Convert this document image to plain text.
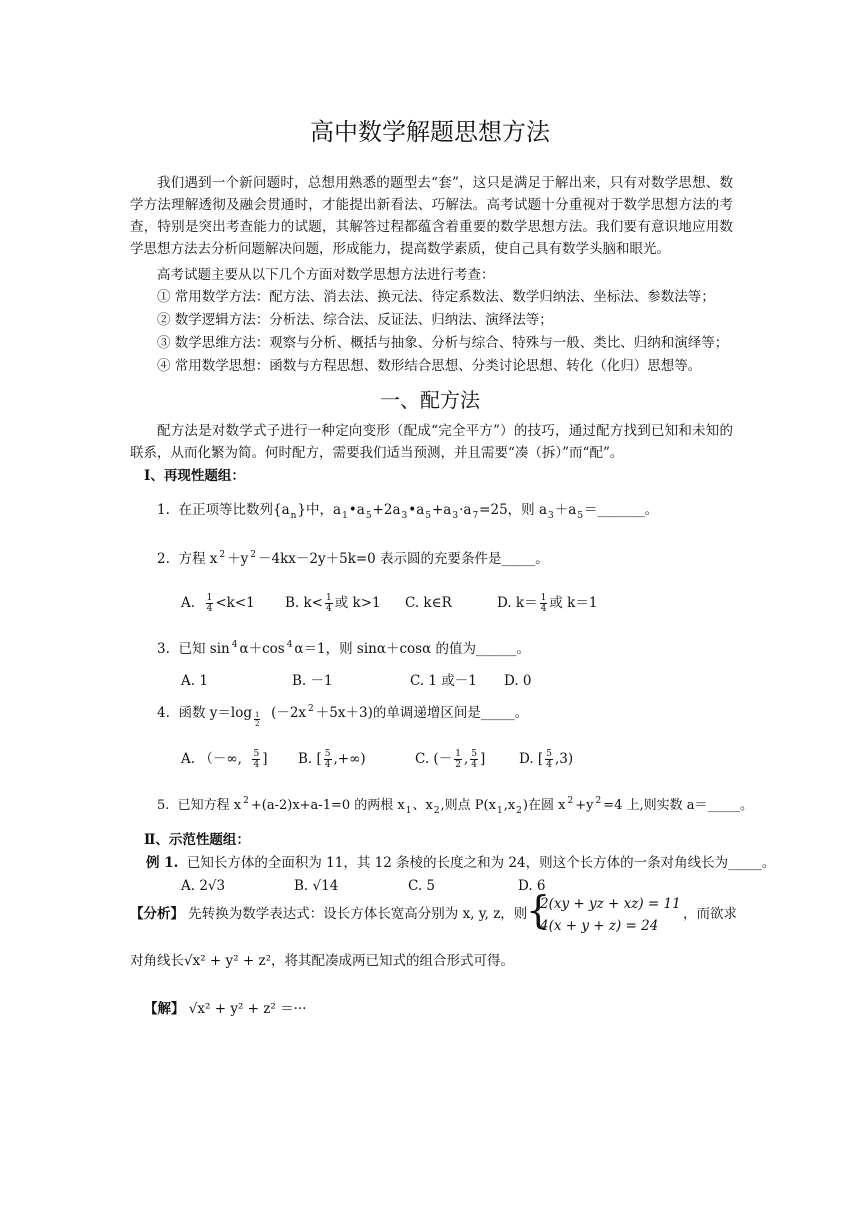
高中数学解题思想方法
我们遇到一个新问题时，总想用熟悉的题型去“套”，这只是满足于解出来，只有对数学思想、数学方法理解透彻及融会贯通时，才能提出新看法、巧解法。高考试题十分重视对于数学思想方法的考查，特别是突出考查能力的试题，其解答过程都蕴含着重要的数学思想方法。我们要有意识地应用数学思想方法去分析问题解决问题，形成能力，提高数学素质，使自己具有数学头脑和眼光。
高考试题主要从以下几个方面对数学思想方法进行考查：
① 常用数学方法：配方法、消去法、换元法、待定系数法、数学归纳法、坐标法、参数法等；
② 数学逻辑方法：分析法、综合法、反证法、归纳法、演绎法等；
③ 数学思维方法：观察与分析、概括与抽象、分析与综合、特殊与一般、类比、归纳和演绎等；
④ 常用数学思想：函数与方程思想、数形结合思想、分类讨论思想、转化（化归）思想等。
一、配方法
配方法是对数学式子进行一种定向变形（配成“完全平方”）的技巧，通过配方找到已知和未知的联系，从而化繁为简。何时配方，需要我们适当预测，并且需要“凑（拆）”而“配”。
Ⅰ、再现性题组：
1. 在正项等比数列$\{a_n\}$中，$a_1•a_5+2a_3•a_5+a_3\cdot a_7=25$，则 $a_3+a_5=\_\_\_\_\_\_\_$。
2. 方程 x $^2$ ＋y $^2$ －4kx－2y＋5k=0 表示圆的充要条件是_____。
A. $\frac{1}{4} <k<1$ B. $k< \frac{1}{4}$ 或 k>1 C. k∈R	D. $k= \frac{1}{4}$ 或 k＝1
3. 已知 sin $^4$ α＋cos $^4$ α＝1，则 sinα＋cosα 的值为______。
A. 1	B. －1	C. 1 或－1 D. 0
4. 函数 $y=\log \frac{1}{2} (-2x$ $^2$ ＋5x＋3)的单调递增区间是_____。
A. （－∞, $\frac{5}{4}$ ] B. [ $\frac{5}{4}$ ,+∞)	C. (－ $\frac{1}{2}$ , $\frac{5}{4}$ ]	D. [ $\frac{5}{4} ,3$)
5. 已知方程 x $^2$ +(a-2)x+a-1=0 的两根 $x_1$、$x_2$,则点 $P(x_1,x_2)$在圆 x $^2$ +y $^2$ =4 上,则实数 a＝_____。
Ⅱ、示范性题组：
例 1. 已知长方体的全面积为 11，其 12 条棱的长度之和为 24，则这个长方体的一条对角线长为_____。
A. 2√3	B. √14	C. 5	D. 6
【分析】 先转换为数学表达式：设长方体长宽高分别为 x, y, z，则
{
2(xy + yz + xz) = 11
4(x + y + z) = 24
，而欲求
对角线长√x² + y² + z²，将其配凑成两已知式的组合形式可得。
【解】 √x² + y² + z² ＝···
